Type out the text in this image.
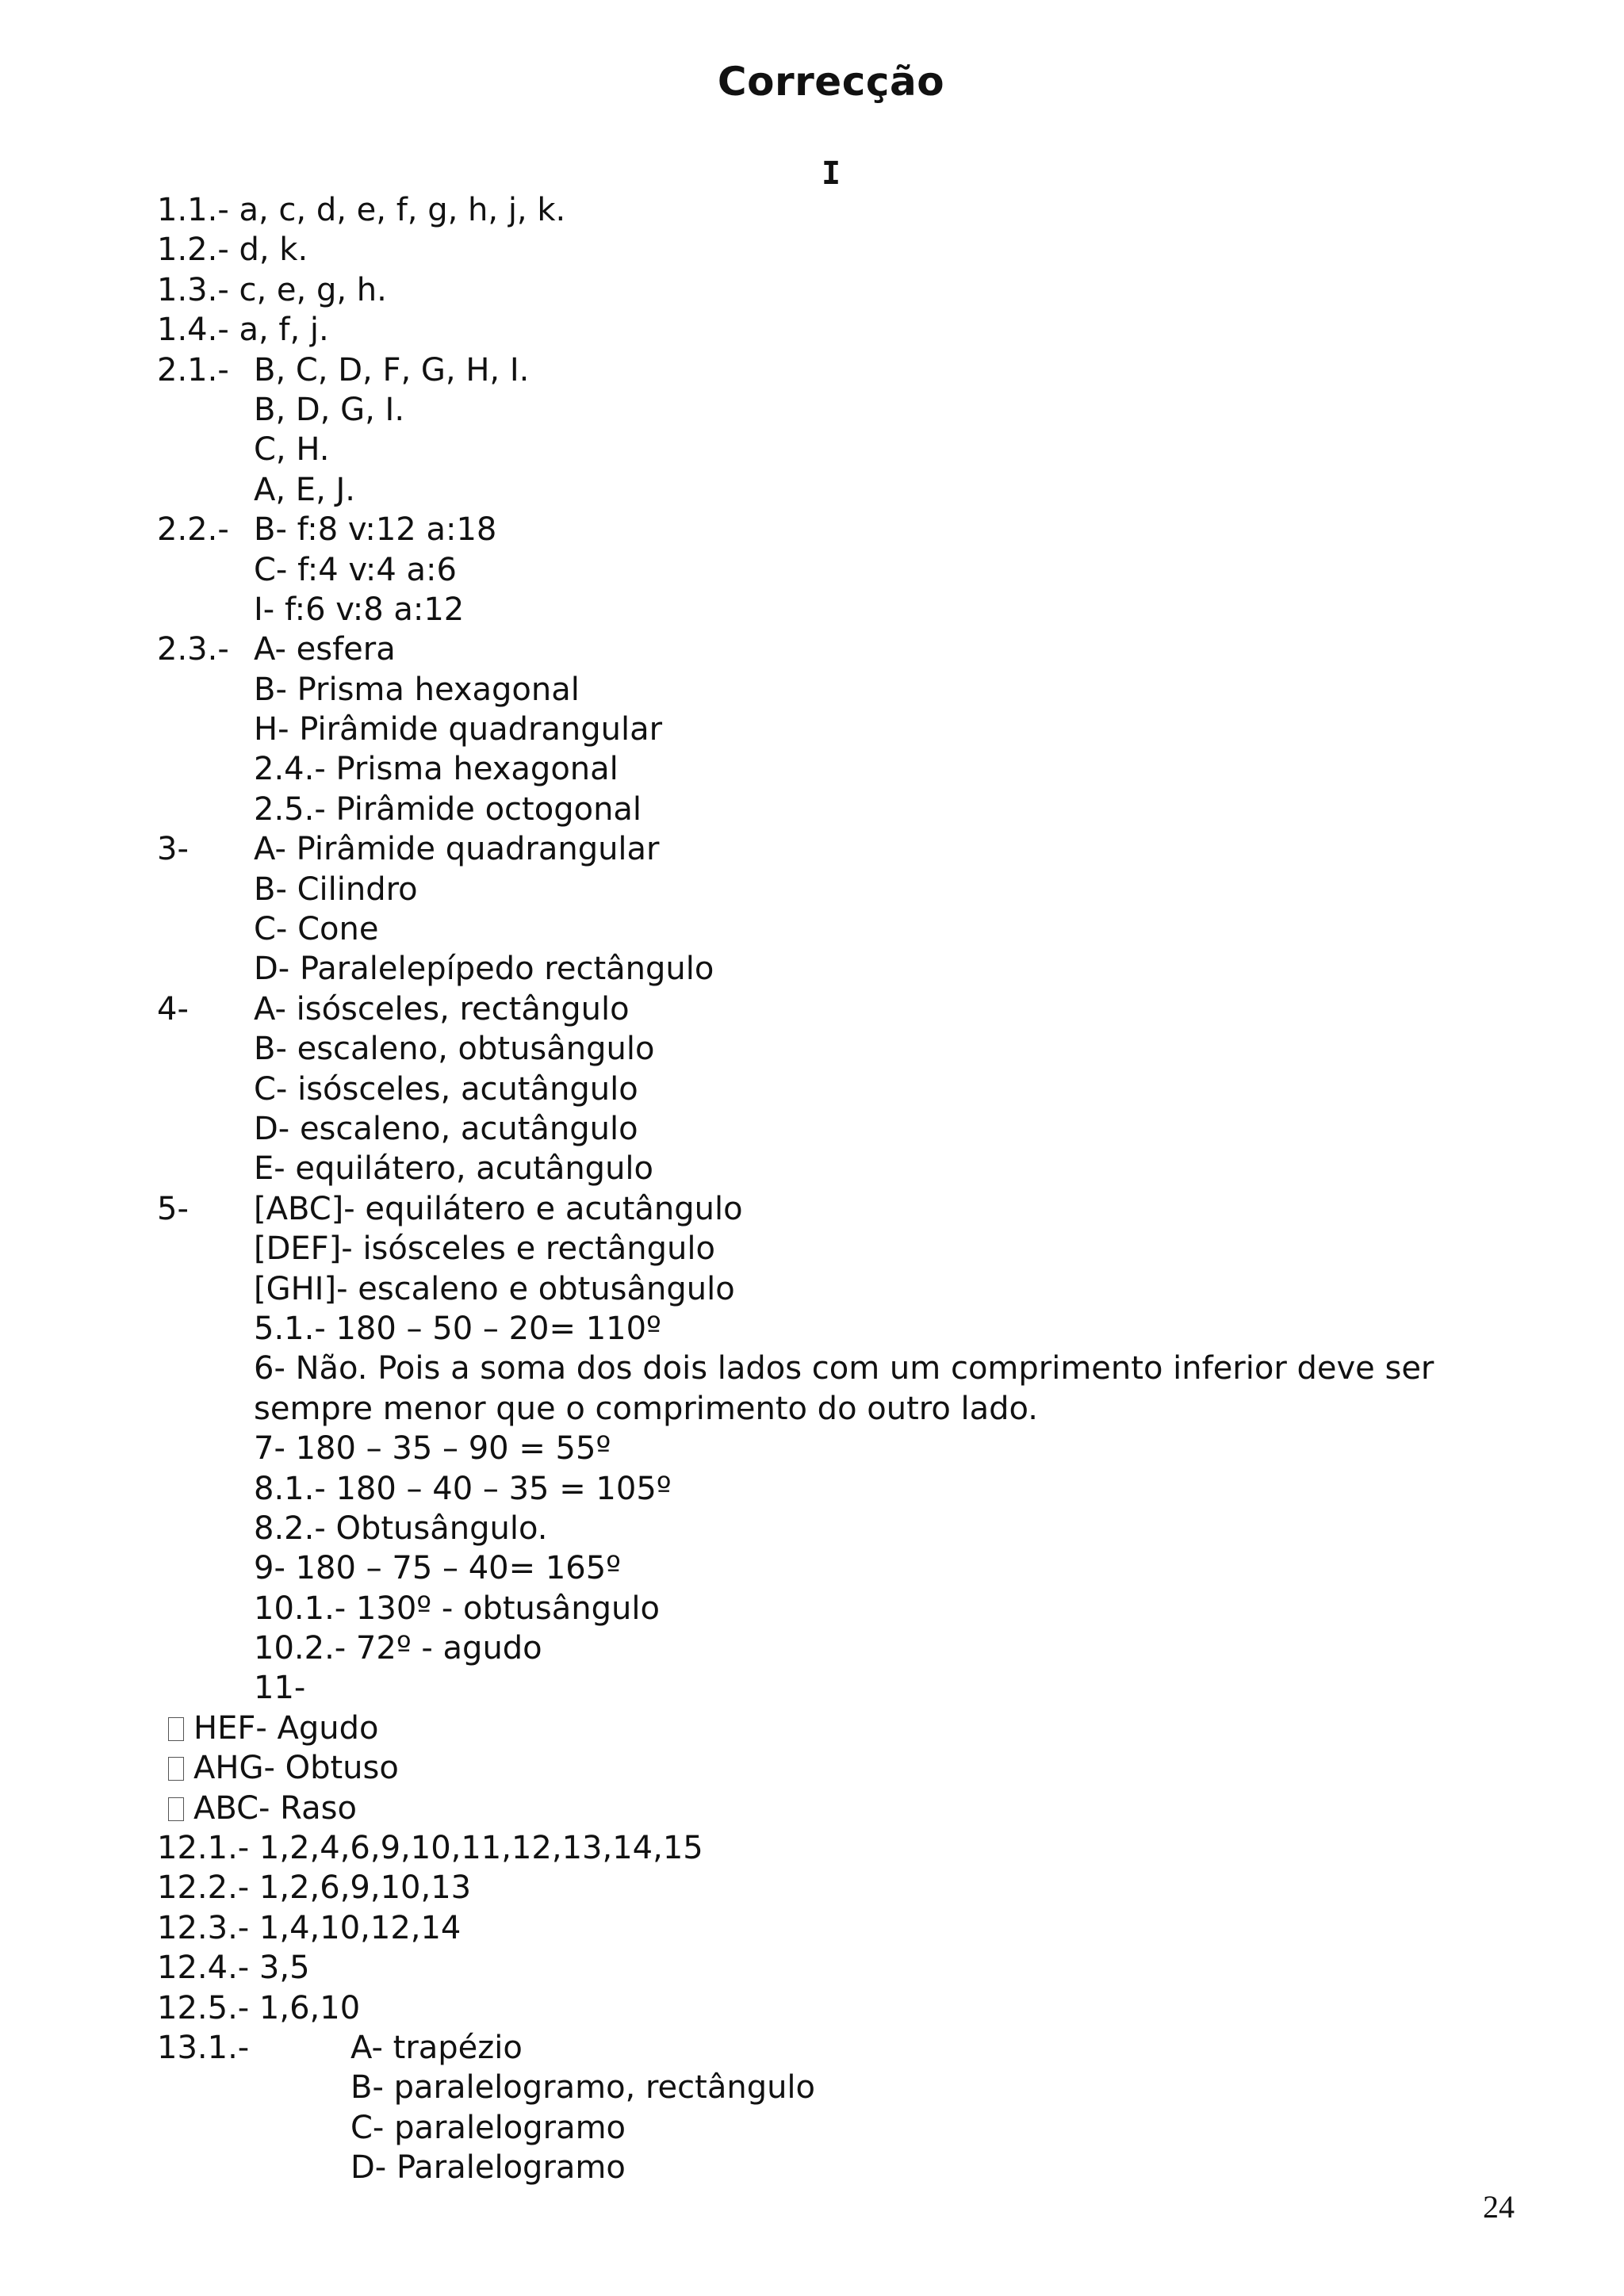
Correcção
I
1.1.- a, c, d, e, f, g, h, j, k.
1.2.- d, k.
1.3.- c, e, g, h.
1.4.- a, f, j.
2.1.- B, C, D, F, G, H, I.
B, D, G, I.
C, H.
A, E, J.
2.2.- B- f:8 v:12 a:18
C- f:4 v:4 a:6
I- f:6 v:8 a:12
2.3.- A- esfera
B- Prisma hexagonal
H- Pirâmide quadrangular
2.4.- Prisma hexagonal
2.5.- Pirâmide octogonal
3- A- Pirâmide quadrangular
B- Cilindro
C- Cone
D- Paralelepípedo rectângulo
4- A- isósceles, rectângulo
B- escaleno, obtusângulo
C- isósceles, acutângulo
D- escaleno, acutângulo
E- equilátero, acutângulo
5- [ABC]- equilátero e acutângulo
[DEF]- isósceles e rectângulo
[GHI]- escaleno e obtusângulo
5.1.- 180 – 50 – 20= 110º
6- Não. Pois a soma dos dois lados com um comprimento inferior deve ser
sempre menor que o comprimento do outro lado.
7- 180 – 35 – 90 = 55º
8.1.- 180 – 40 – 35 = 105º
8.2.- Obtusângulo.
9- 180 – 75 – 40= 165º
10.1.- 130º - obtusângulo
10.2.- 72º - agudo
11-
HEF- Agudo
AHG- Obtuso
ABC- Raso
12.1.- 1,2,4,6,9,10,11,12,13,14,15
12.2.- 1,2,6,9,10,13
12.3.- 1,4,10,12,14
12.4.- 3,5
12.5.- 1,6,10
13.1.-	A- trapézio
B- paralelogramo, rectângulo
C- paralelogramo
D- Paralelogramo

24
